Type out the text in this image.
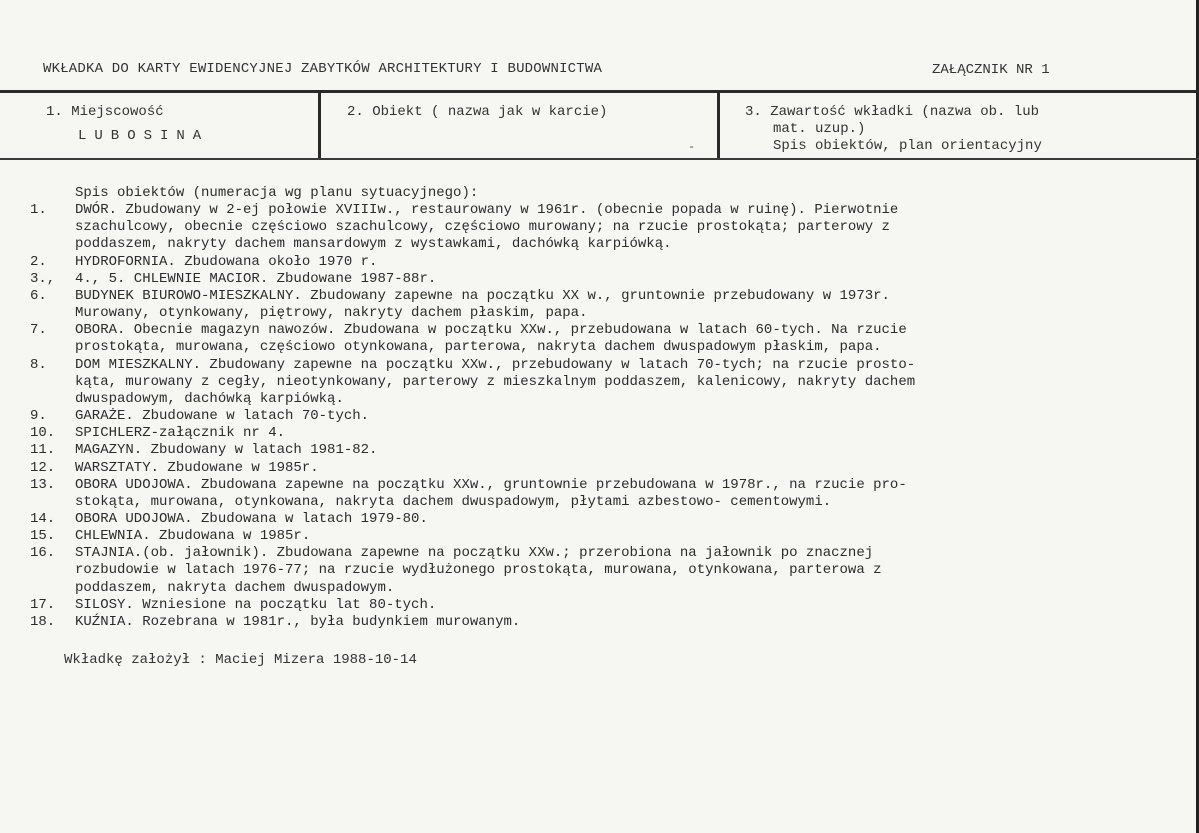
WKŁADKA DO KARTY EWIDENCYJNEJ ZABYTKÓW ARCHITEKTURY I BUDOWNICTWA	ZAŁĄCZNIK NR 1
1. Miejscowość
LUBOSINA
2. Obiekt ( nazwa jak w karcie)
-
3. Zawartość wkładki (nazwa ob. lub
mat. uzup.)
Spis obiektów, plan orientacyjny
Spis obiektów (numeracja wg planu sytuacyjnego):
1.	DWÓR. Zbudowany w 2-ej połowie XVIIIw., restaurowany w 1961r. (obecnie popada w ruinę). Pierwotnie
szachulcowy, obecnie częściowo szachulcowy, częściowo murowany; na rzucie prostokąta; parterowy z
poddaszem, nakryty dachem mansardowym z wystawkami, dachówką karpiówką.
2.	HYDROFORNIA. Zbudowana około 1970 r.
3.,	4., 5. CHLEWNIE MACIOR. Zbudowane 1987-88r.
6.	BUDYNEK BIUROWO-MIESZKALNY. Zbudowany zapewne na początku XX w., gruntownie przebudowany w 1973r.
Murowany, otynkowany, piętrowy, nakryty dachem płaskim, papa.
7.	OBORA. Obecnie magazyn nawozów. Zbudowana w początku XXw., przebudowana w latach 60-tych. Na rzucie
prostokąta, murowana, częściowo otynkowana, parterowa, nakryta dachem dwuspadowym płaskim, papa.
8.	DOM MIESZKALNY. Zbudowany zapewne na początku XXw., przebudowany w latach 70-tych; na rzucie prosto-
kąta, murowany z cegły, nieotynkowany, parterowy z mieszkalnym poddaszem, kalenicowy, nakryty dachem
dwuspadowym, dachówką karpiówką.
9.	GARAŻE. Zbudowane w latach 70-tych.
10.	SPICHLERZ-załącznik nr 4.
11.	MAGAZYN. Zbudowany w latach 1981-82.
12.	WARSZTATY. Zbudowane w 1985r.
13.	OBORA UDOJOWA. Zbudowana zapewne na początku XXw., gruntownie przebudowana w 1978r., na rzucie pro-
stokąta, murowana, otynkowana, nakryta dachem dwuspadowym, płytami azbestowo- cementowymi.
14.	OBORA UDOJOWA. Zbudowana w latach 1979-80.
15.	CHLEWNIA. Zbudowana w 1985r.
16.	STAJNIA.(ob. jałownik). Zbudowana zapewne na początku XXw.; przerobiona na jałownik po znacznej
rozbudowie w latach 1976-77; na rzucie wydłużonego prostokąta, murowana, otynkowana, parterowa z
poddaszem, nakryta dachem dwuspadowym.
17.	SILOSY. Wzniesione na początku lat 80-tych.
18.	KUŹNIA. Rozebrana w 1981r., była budynkiem murowanym.
Wkładkę założył : Maciej Mizera 1988-10-14
